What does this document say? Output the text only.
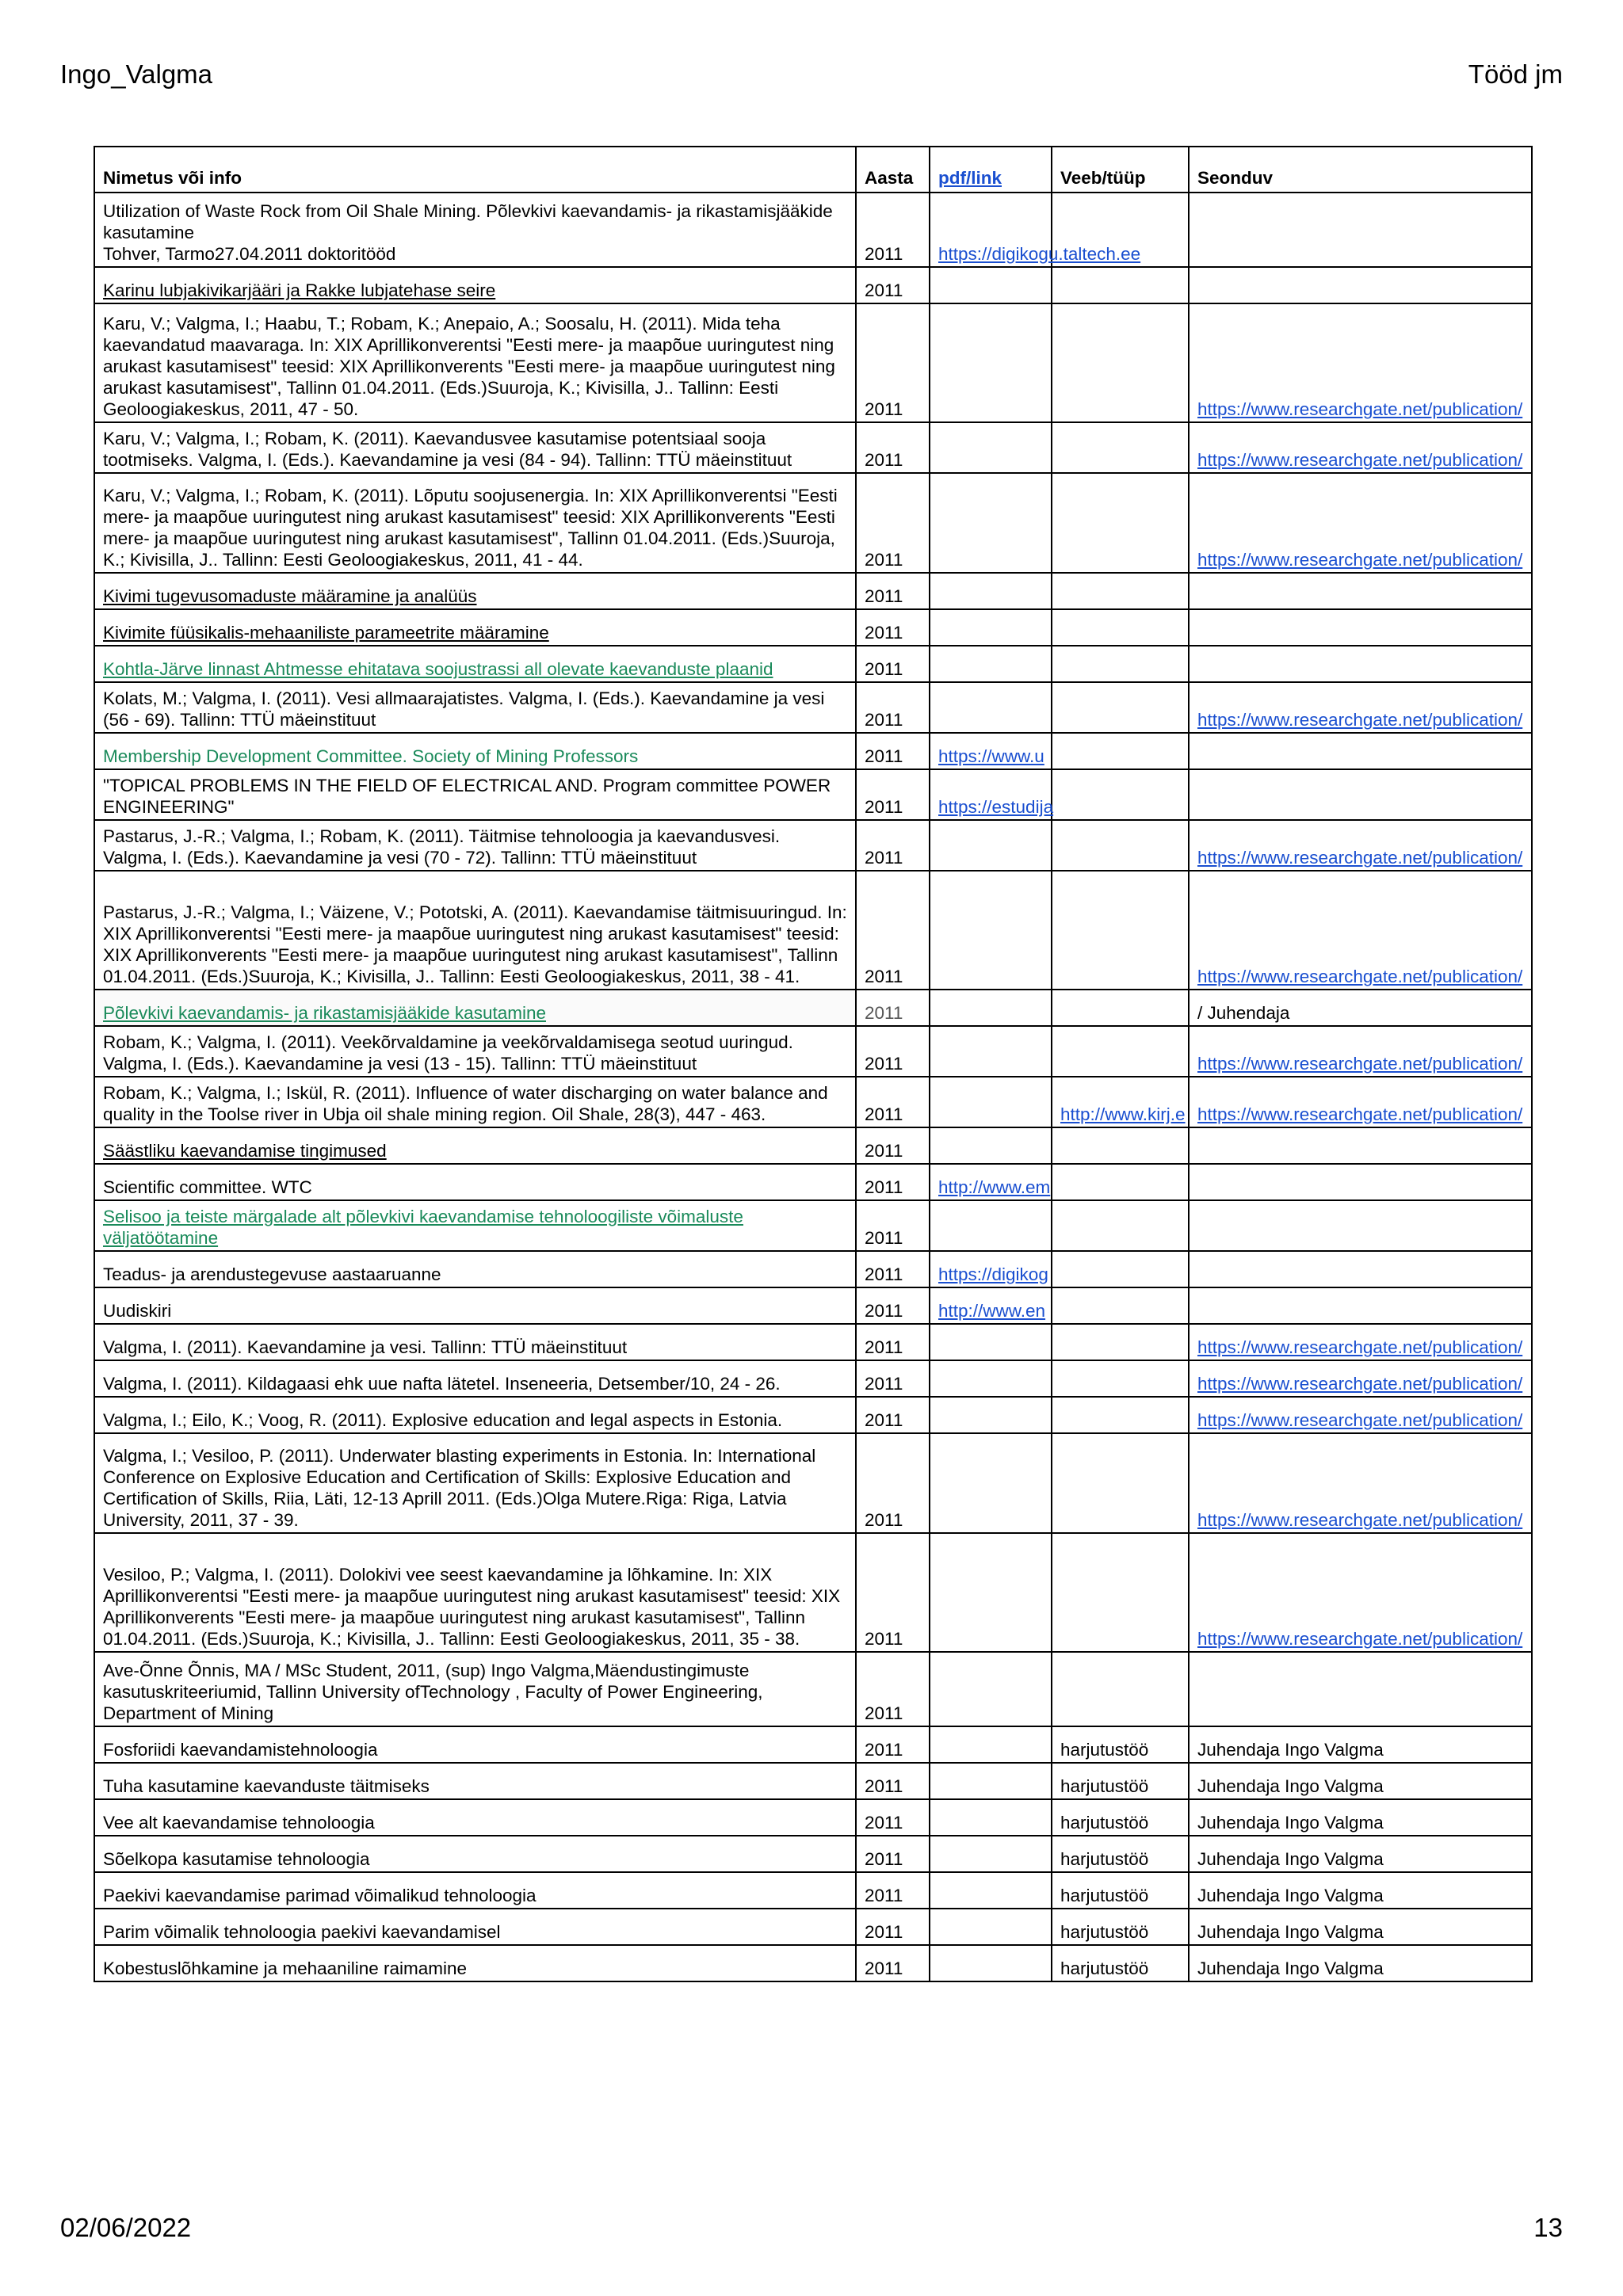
Ingo_Valgma	Tööd jm
Nimetus või info	Aasta	pdf/link	Veeb/tüüp	Seonduv
Utilization of Waste Rock from Oil Shale Mining. Põlevkivi kaevandamis- ja rikastamisjääkide kasutamine
Tohver, Tarmo27.04.2011 doktoritööd	2011	https://digikogu.taltech.ee		
Karinu lubjakivikarjääri ja Rakke lubjatehase seire	2011			
Karu, V.; Valgma, I.; Haabu, T.; Robam, K.; Anepaio, A.; Soosalu, H. (2011). Mida teha kaevandatud maavaraga. In: XIX Aprillikonverentsi "Eesti mere- ja maapõue uuringutest ning arukast kasutamisest" teesid: XIX Aprillikonverents "Eesti mere- ja maapõue uuringutest ning arukast kasutamisest", Tallinn 01.04.2011. (Eds.)Suuroja, K.; Kivisilla, J.. Tallinn: Eesti Geoloogiakeskus, 2011, 47 - 50.	2011			https://www.researchgate.net/publication/
Karu, V.; Valgma, I.; Robam, K. (2011). Kaevandusvee kasutamise potentsiaal sooja tootmiseks. Valgma, I. (Eds.). Kaevandamine ja vesi (84 - 94). Tallinn: TTÜ mäeinstituut	2011			https://www.researchgate.net/publication/
Karu, V.; Valgma, I.; Robam, K. (2011). Lõputu soojusenergia. In: XIX Aprillikonverentsi "Eesti mere- ja maapõue uuringutest ning arukast kasutamisest" teesid: XIX Aprillikonverents "Eesti mere- ja maapõue uuringutest ning arukast kasutamisest", Tallinn 01.04.2011. (Eds.)Suuroja, K.; Kivisilla, J.. Tallinn: Eesti Geoloogiakeskus, 2011, 41 - 44.	2011			https://www.researchgate.net/publication/
Kivimi tugevusomaduste määramine ja analüüs	2011			
Kivimite füüsikalis-mehaaniliste parameetrite määramine	2011			
Kohtla-Järve linnast Ahtmesse ehitatava soojustrassi all olevate kaevanduste plaanid	2011			
Kolats, M.; Valgma, I. (2011). Vesi allmaarajatistes. Valgma, I. (Eds.). Kaevandamine ja vesi (56 - 69). Tallinn: TTÜ mäeinstituut	2011			https://www.researchgate.net/publication/
Membership Development Committee. Society of Mining Professors	2011	https://www.u		
"TOPICAL PROBLEMS IN THE FIELD OF ELECTRICAL AND. Program committee POWER ENGINEERING"	2011	https://estudija		
Pastarus, J.-R.; Valgma, I.; Robam, K. (2011). Täitmise tehnoloogia ja kaevandusvesi. Valgma, I. (Eds.). Kaevandamine ja vesi (70 - 72). Tallinn: TTÜ mäeinstituut	2011			https://www.researchgate.net/publication/
Pastarus, J.-R.; Valgma, I.; Väizene, V.; Pototski, A. (2011). Kaevandamise täitmisuuringud. In: XIX Aprillikonverentsi "Eesti mere- ja maapõue uuringutest ning arukast kasutamisest" teesid: XIX Aprillikonverents "Eesti mere- ja maapõue uuringutest ning arukast kasutamisest", Tallinn 01.04.2011. (Eds.)Suuroja, K.; Kivisilla, J.. Tallinn: Eesti Geoloogiakeskus, 2011, 38 - 41.	2011			https://www.researchgate.net/publication/
Põlevkivi kaevandamis- ja rikastamisjääkide kasutamine	2011			/ Juhendaja
Robam, K.; Valgma, I. (2011). Veekõrvaldamine ja veekõrvaldamisega seotud uuringud. Valgma, I. (Eds.). Kaevandamine ja vesi (13 - 15). Tallinn: TTÜ mäeinstituut	2011			https://www.researchgate.net/publication/
Robam, K.; Valgma, I.; Iskül, R. (2011). Influence of water discharging on water balance and quality in the Toolse river in Ubja oil shale mining region. Oil Shale, 28(3), 447 - 463.	2011		http://www.kirj.e	https://www.researchgate.net/publication/
Säästliku kaevandamise tingimused	2011			
Scientific committee. WTC	2011	http://www.em		
Selisoo ja teiste märgalade alt põlevkivi kaevandamise tehnoloogiliste võimaluste väljatöötamine	2011			
Teadus- ja arendustegevuse aastaaruanne	2011	https://digikog		
Uudiskiri	2011	http://www.en		
Valgma, I. (2011). Kaevandamine ja vesi. Tallinn: TTÜ mäeinstituut	2011			https://www.researchgate.net/publication/
Valgma, I. (2011). Kildagaasi ehk uue nafta lätetel. Inseneeria, Detsember/10, 24 - 26.	2011			https://www.researchgate.net/publication/
Valgma, I.; Eilo, K.; Voog, R. (2011). Explosive education and legal aspects in Estonia.	2011			https://www.researchgate.net/publication/
Valgma, I.; Vesiloo, P. (2011). Underwater blasting experiments in Estonia. In: International Conference on Explosive Education and Certification of Skills: Explosive Education and Certification of Skills, Riia, Läti, 12-13 Aprill 2011. (Eds.)Olga Mutere.Riga: Riga, Latvia University, 2011, 37 - 39.	2011			https://www.researchgate.net/publication/
Vesiloo, P.; Valgma, I. (2011). Dolokivi vee seest kaevandamine ja lõhkamine. In: XIX Aprillikonverentsi "Eesti mere- ja maapõue uuringutest ning arukast kasutamisest" teesid: XIX Aprillikonverents "Eesti mere- ja maapõue uuringutest ning arukast kasutamisest", Tallinn 01.04.2011. (Eds.)Suuroja, K.; Kivisilla, J.. Tallinn: Eesti Geoloogiakeskus, 2011, 35 - 38.	2011			https://www.researchgate.net/publication/
Ave-Õnne Õnnis, MA / MSc Student, 2011, (sup) Ingo Valgma,Mäendustingimuste kasutuskriteeriumid, Tallinn University ofTechnology , Faculty of Power Engineering, Department of Mining	2011			
Fosforiidi kaevandamistehnoloogia	2011		harjutustöö	Juhendaja Ingo Valgma
Tuha kasutamine kaevanduste täitmiseks	2011		harjutustöö	Juhendaja Ingo Valgma
Vee alt kaevandamise tehnoloogia	2011		harjutustöö	Juhendaja Ingo Valgma
Sõelkopa kasutamise tehnoloogia	2011		harjutustöö	Juhendaja Ingo Valgma
Paekivi kaevandamise parimad võimalikud tehnoloogia	2011		harjutustöö	Juhendaja Ingo Valgma
Parim võimalik tehnoloogia paekivi kaevandamisel	2011		harjutustöö	Juhendaja Ingo Valgma
Kobestuslõhkamine ja mehaaniline raimamine	2011		harjutustöö	Juhendaja Ingo Valgma
02/06/2022	13
